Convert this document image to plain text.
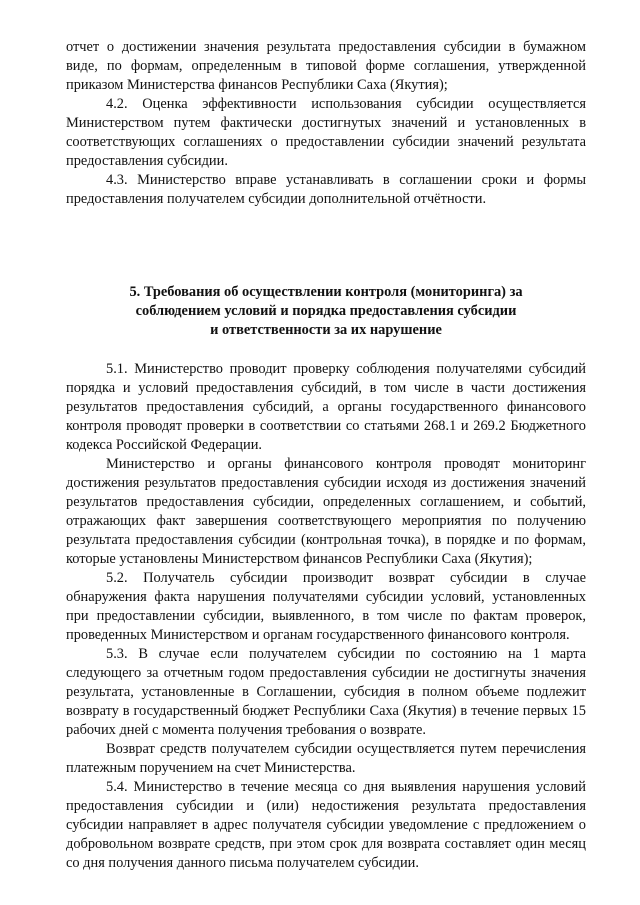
отчет о достижении значения результата предоставления субсидии в бумажном виде, по формам, определенным в типовой форме соглашения, утвержденной приказом Министерства финансов Республики Саха (Якутия);

4.2. Оценка эффективности использования субсидии осуществляется Министерством путем фактически достигнутых значений и установленных в соответствующих соглашениях о предоставлении субсидии значений результата предоставления субсидии.

4.3. Министерство вправе устанавливать в соглашении сроки и формы предоставления получателем субсидии дополнительной отчётности.

5. Требования об осуществлении контроля (мониторинга) за
соблюдением условий и порядка предоставления субсидии
и ответственности за их нарушение

5.1. Министерство проводит проверку соблюдения получателями субсидий порядка и условий предоставления субсидий, в том числе в части достижения результатов предоставления субсидий, а органы государственного финансового контроля проводят проверки в соответствии со статьями 268.1 и 269.2 Бюджетного кодекса Российской Федерации.

Министерство и органы финансового контроля проводят мониторинг достижения результатов предоставления субсидии исходя из достижения значений результатов предоставления субсидии, определенных соглашением, и событий, отражающих факт завершения соответствующего мероприятия по получению результата предоставления субсидии (контрольная точка), в порядке и по формам, которые установлены Министерством финансов Республики Саха (Якутия);

5.2. Получатель субсидии производит возврат субсидии в случае обнаружения факта нарушения получателями субсидии условий, установленных при предоставлении субсидии, выявленного, в том числе по фактам проверок, проведенных Министерством и органам государственного финансового контроля.

5.3. В случае если получателем субсидии по состоянию на 1 марта следующего за отчетным годом предоставления субсидии не достигнуты значения результата, установленные в Соглашении, субсидия в полном объеме подлежит возврату в государственный бюджет Республики Саха (Якутия) в течение первых 15 рабочих дней с момента получения требования о возврате.

Возврат средств получателем субсидии осуществляется путем перечисления платежным поручением на счет Министерства.

5.4. Министерство в течение месяца со дня выявления нарушения условий предоставления субсидии и (или) недостижения результата предоставления субсидии направляет в адрес получателя субсидии уведомление с предложением о добровольном возврате средств, при этом срок для возврата составляет один месяц со дня получения данного письма получателем субсидии.
